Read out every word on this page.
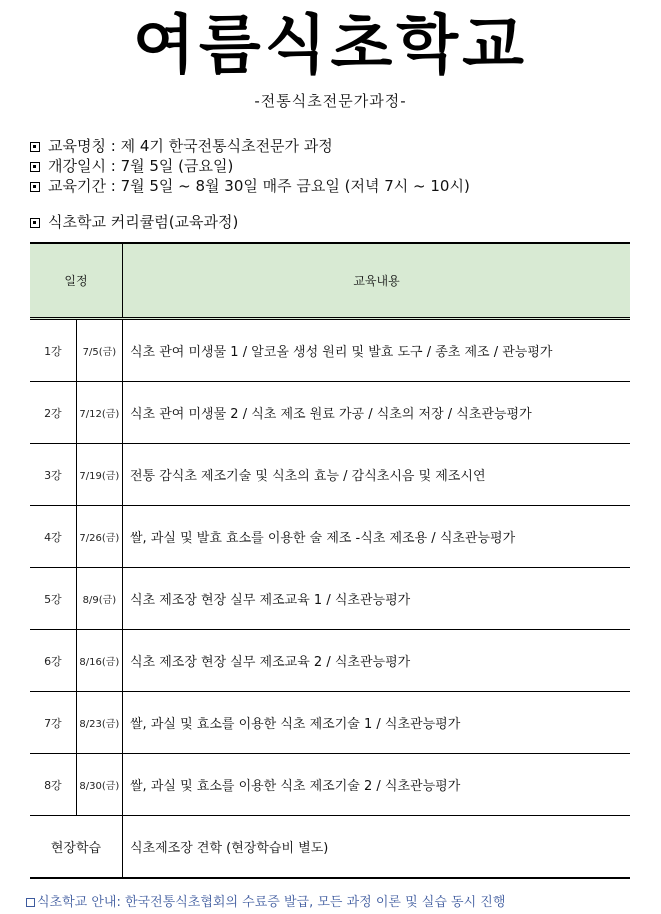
여름식초학교
-전통식초전문가과정-
교육명칭 : 제 4기 한국전통식초전문가 과정
개강일시 : 7월 5일 (금요일)
교육기간 : 7월 5일 ~ 8월 30일 매주 금요일 (저녁 7시 ~ 10시)
식초학교 커리큘럼(교육과정)
일정		교육내용
1강	7/5(금)	식초 관여 미생물 1 / 알코올 생성 원리 및 발효 도구 / 종초 제조 / 관능평가
2강	7/12(금)	식초 관여 미생물 2 / 식초 제조 원료 가공 / 식초의 저장 / 식초관능평가
3강	7/19(금)	전통 감식초 제조기술 및 식초의 효능 / 감식초시음 및 제조시연
4강	7/26(금)	쌀, 과실 및 발효 효소를 이용한 술 제조 -식초 제조용 / 식초관능평가
5강	8/9(금)	식초 제조장 현장 실무 제조교육 1 / 식초관능평가
6강	8/16(금)	식초 제조장 현장 실무 제조교육 2 / 식초관능평가
7강	8/23(금)	쌀, 과실 및 효소를 이용한 식초 제조기술 1 / 식초관능평가
8강	8/30(금)	쌀, 과실 및 효소를 이용한 식초 제조기술 2 / 식초관능평가
현장학습		식초제조장 견학 (현장학습비 별도)
식초학교 안내: 한국전통식초협회의 수료증 발급, 모든 과정 이론 및 실습 동시 진행
